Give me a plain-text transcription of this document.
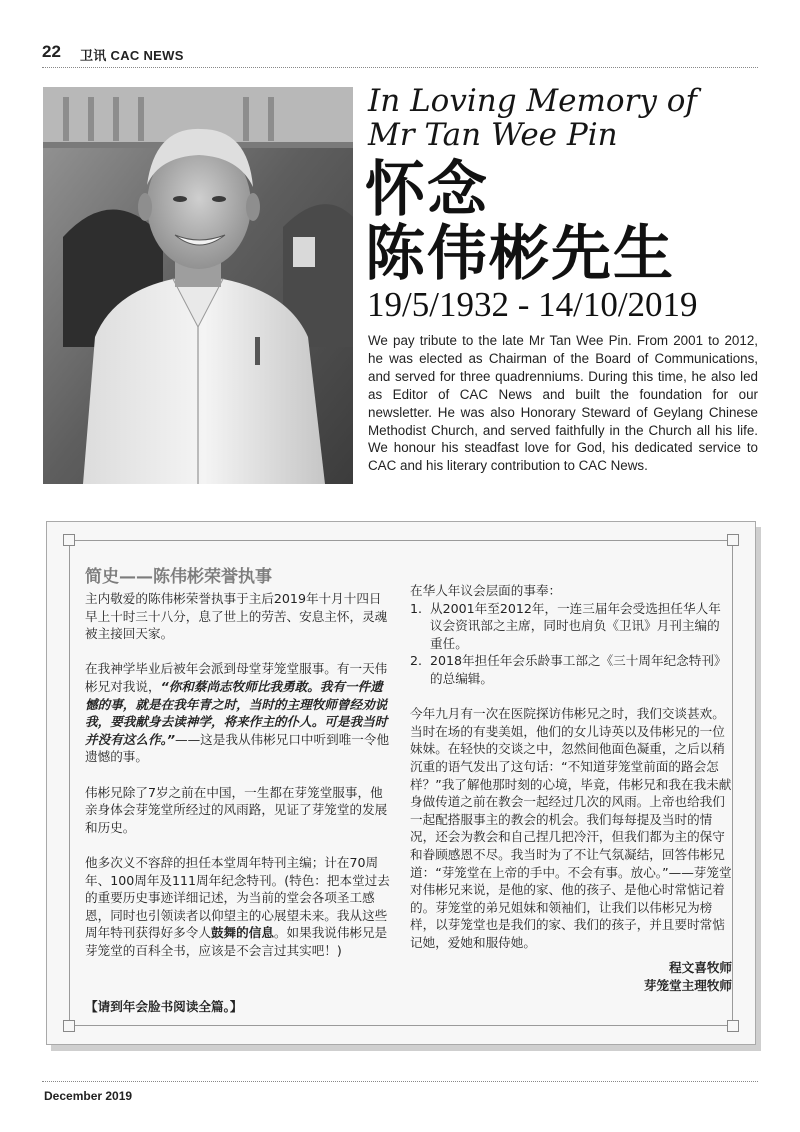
22 卫讯 CAC NEWS
In Loving Memory of
Mr Tan Wee Pin
怀念
陈伟彬先生
19/5/1932 - 14/10/2019
We pay tribute to the late Mr Tan Wee Pin. From 2001 to 2012, he was elected as Chairman of the Board of Communications, and served for three quadrenniums. During this time, he also led as Editor of CAC News and built the foundation for our newsletter. He was also Honorary Steward of Geylang Chinese Methodist Church, and served faithfully in the Church all his life. We honour his steadfast love for God, his dedicated service to CAC and his literary contribution to CAC News.
简史——陈伟彬荣誉执事

主内敬爱的陈伟彬荣誉执事于主后2019年十月十四日早上十时三十八分，息了世上的劳苦、安息主怀，灵魂被主接回天家。

在我神学毕业后被年会派到母堂芽笼堂服事。有一天伟彬兄对我说，“你和蔡尚志牧师比我勇敢。我有一件遗憾的事，就是在我年青之时，当时的主理牧师曾经劝说我，要我献身去读神学，将来作主的仆人。可是我当时并没有这么作。”——这是我从伟彬兄口中听到唯一令他遗憾的事。

伟彬兄除了7岁之前在中国，一生都在芽笼堂服事，他亲身体会芽笼堂所经过的风雨路，见证了芽笼堂的发展和历史。

他多次义不容辞的担任本堂周年特刊主编；计在70周年、100周年及111周年纪念特刊。(特色：把本堂过去的重要历史事迹详细记述，为当前的堂会各项圣工感恩，同时也引领读者以仰望主的心展望未来。我从这些周年特刊获得好多令人鼓舞的信息。如果我说伟彬兄是芽笼堂的百科全书，应该是不会言过其实吧！)

【请到年会脸书阅读全篇。】
在华人年议会层面的事奉：
1. 从2001年至2012年，一连三届年会受选担任华人年议会资讯部之主席，同时也肩负《卫讯》月刊主编的重任。
2. 2018年担任年会乐龄事工部之《三十周年纪念特刊》的总编辑。

今年九月有一次在医院探访伟彬兄之时，我们交谈甚欢。当时在场的有斐美姐，他们的女儿诗英以及伟彬兄的一位妹妹。在轻快的交谈之中，忽然间他面色凝重，之后以稍沉重的语气发出了这句话：“不知道芽笼堂前面的路会怎样？”我了解他那时刻的心境，毕竟，伟彬兄和我在我未献身做传道之前在教会一起经过几次的风雨。上帝也给我们一起配搭服事主的教会的机会。我们每每提及当时的情况，还会为教会和自己捏几把冷汗，但我们都为主的保守和眷顾感恩不尽。我当时为了不让气氛凝结，回答伟彬兄道：“芽笼堂在上帝的手中。不会有事。放心。”——芽笼堂对伟彬兄来说，是他的家、他的孩子、是他心时常惦记着的。芽笼堂的弟兄姐妹和领袖们，让我们以伟彬兄为榜样，以芽笼堂也是我们的家、我们的孩子，并且要时常惦记她，爱她和服侍她。

程文喜牧师
芽笼堂主理牧师
December 2019
